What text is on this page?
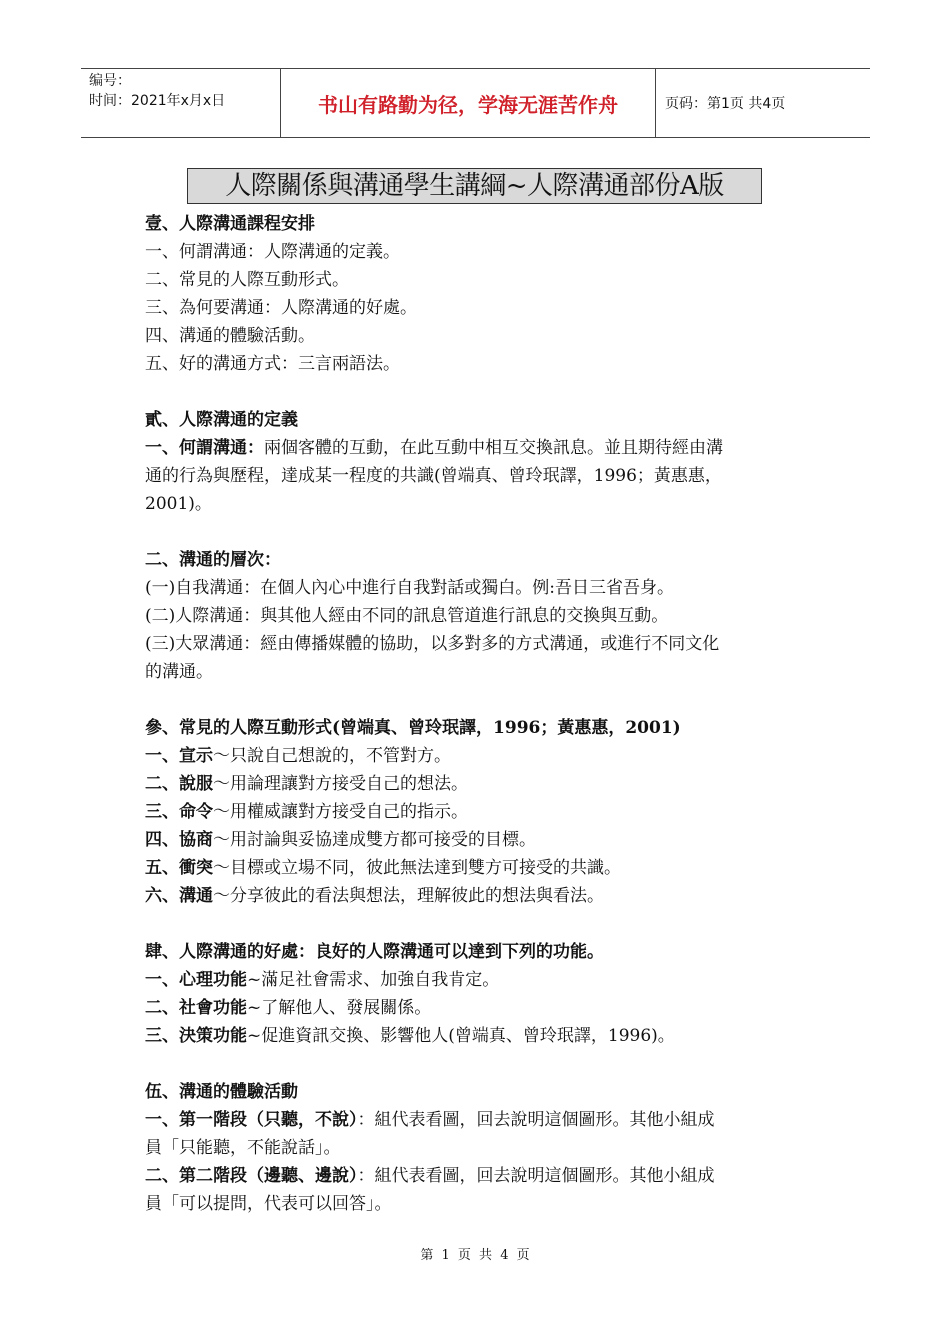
编号：
时间：2021年x月x日	书山有路勤为径，学海无涯苦作舟	页码：第1页 共4页
人際關係與溝通學生講綱~人際溝通部份A版
壹、人際溝通課程安排
一、何謂溝通：人際溝通的定義。
二、常見的人際互動形式。
三、為何要溝通：人際溝通的好處。
四、溝通的體驗活動。
五、好的溝通方式：三言兩語法。
貳、人際溝通的定義
一、何謂溝通：兩個客體的互動，在此互動中相互交換訊息。並且期待經由溝
通的行為與歷程，達成某一程度的共識(曾端真、曾玲珉譯，1996；黃惠惠，
2001)。
二、溝通的層次：
(一)自我溝通：在個人內心中進行自我對話或獨白。例:吾日三省吾身。
(二)人際溝通：與其他人經由不同的訊息管道進行訊息的交換與互動。
(三)大眾溝通：經由傳播媒體的協助，以多對多的方式溝通，或進行不同文化
的溝通。
參、常見的人際互動形式(曾端真、曾玲珉譯，1996；黃惠惠，2001)
一、宣示～只說自己想說的，不管對方。
二、說服～用論理讓對方接受自己的想法。
三、命令～用權威讓對方接受自己的指示。
四、協商～用討論與妥協達成雙方都可接受的目標。
五、衝突～目標或立場不同，彼此無法達到雙方可接受的共識。
六、溝通～分享彼此的看法與想法，理解彼此的想法與看法。
肆、人際溝通的好處：良好的人際溝通可以達到下列的功能。
一、心理功能~滿足社會需求、加強自我肯定。
二、社會功能~了解他人、發展關係。
三、決策功能~促進資訊交換、影響他人(曾端真、曾玲珉譯，1996)。
伍、溝通的體驗活動
一、第一階段（只聽，不說）：組代表看圖，回去說明這個圖形。其他小組成
員「只能聽，不能說話」。
二、第二階段（邊聽、邊說）：組代表看圖，回去說明這個圖形。其他小組成
員「可以提問，代表可以回答」。
第 1 页 共 4 页
